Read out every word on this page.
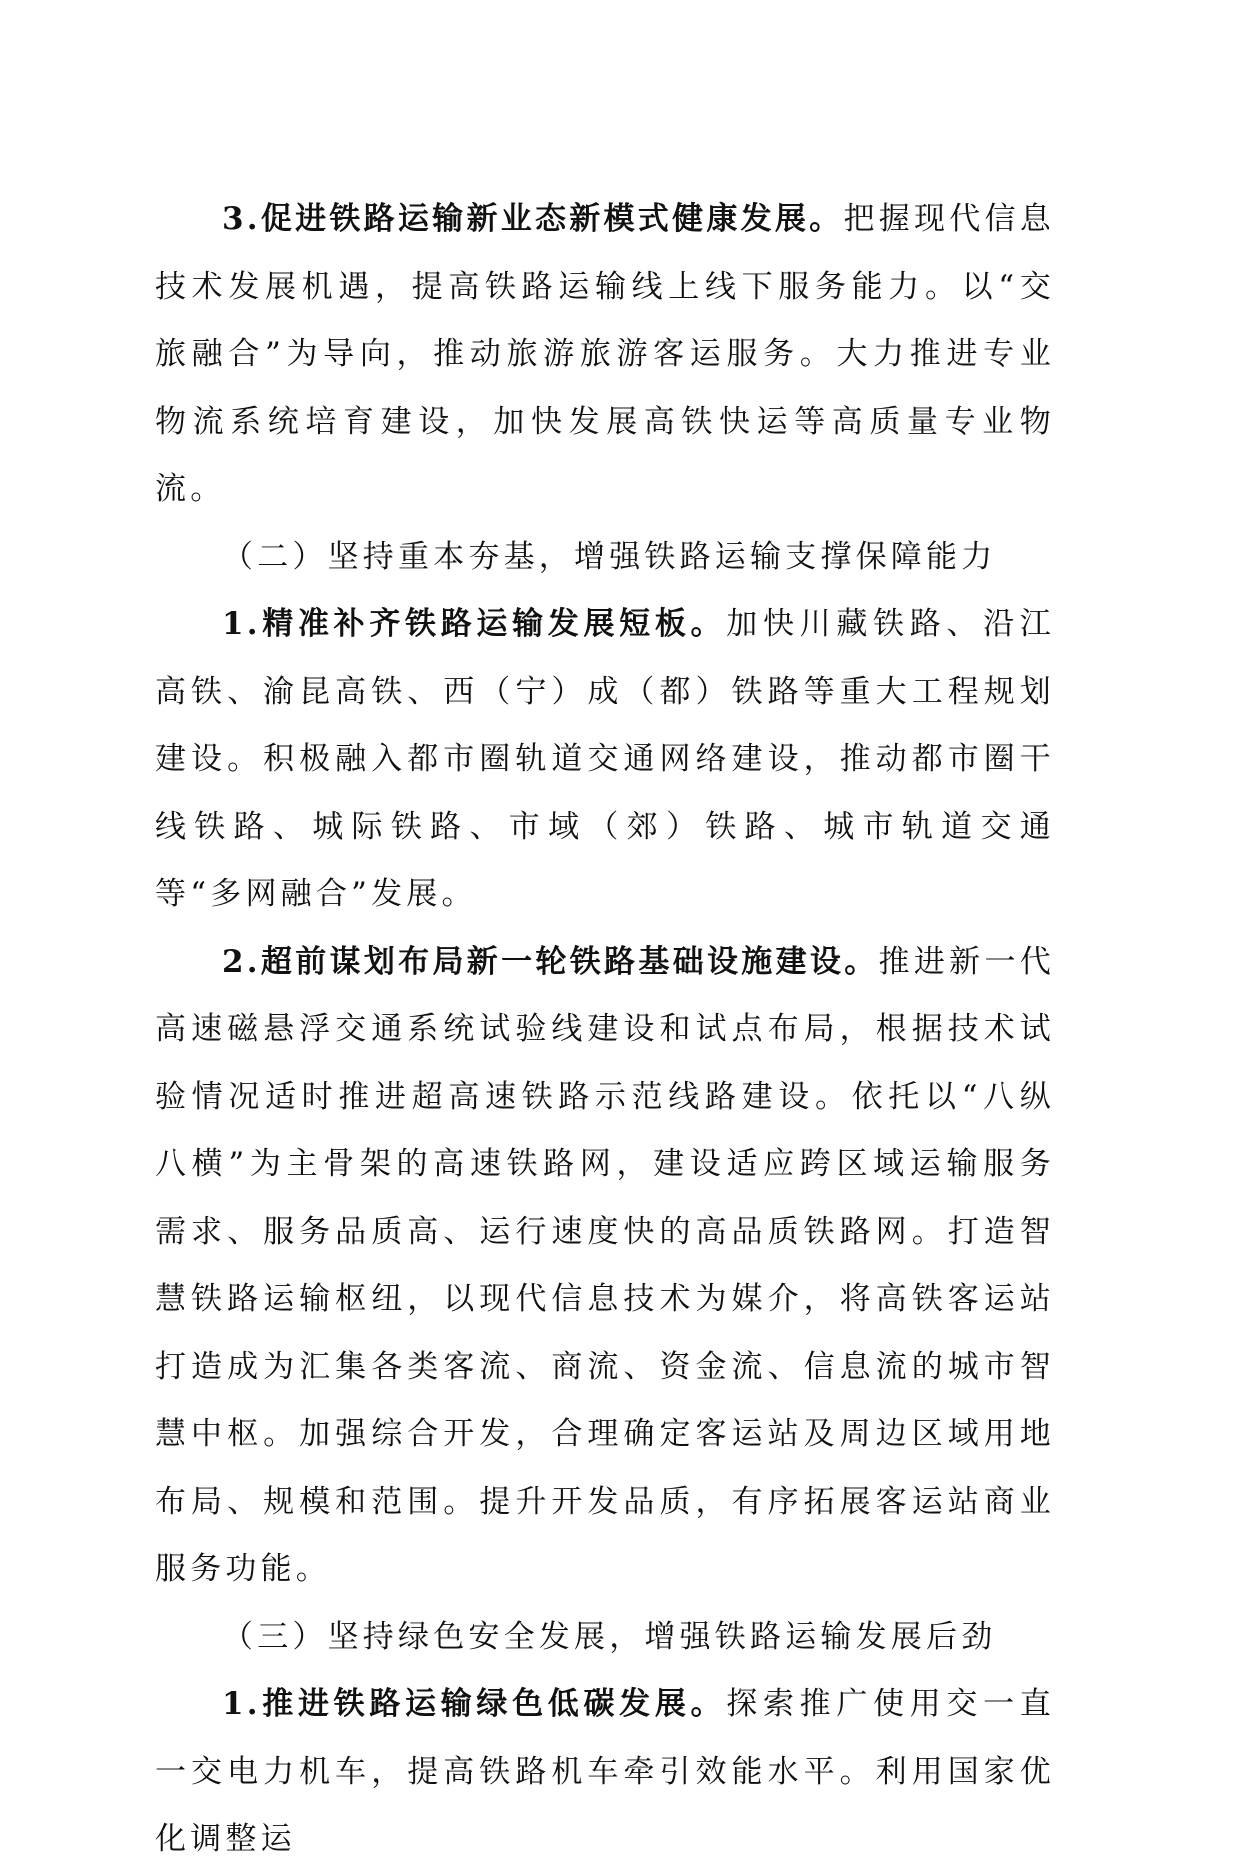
3.促进铁路运输新业态新模式健康发展。把握现代信息技术发展机遇，提高铁路运输线上线下服务能力。以“交旅融合”为导向，推动旅游旅游客运服务。大力推进专业物流系统培育建设，加快发展高铁快运等高质量专业物流。

（二）坚持重本夯基，增强铁路运输支撑保障能力

1.精准补齐铁路运输发展短板。加快川藏铁路、沿江高铁、渝昆高铁、西（宁）成（都）铁路等重大工程规划建设。积极融入都市圈轨道交通网络建设，推动都市圈干线铁路、城际铁路、市域（郊）铁路、城市轨道交通等“多网融合”发展。

2.超前谋划布局新一轮铁路基础设施建设。推进新一代高速磁悬浮交通系统试验线建设和试点布局，根据技术试验情况适时推进超高速铁路示范线路建设。依托以“八纵八横”为主骨架的高速铁路网，建设适应跨区域运输服务需求、服务品质高、运行速度快的高品质铁路网。打造智慧铁路运输枢纽，以现代信息技术为媒介，将高铁客运站打造成为汇集各类客流、商流、资金流、信息流的城市智慧中枢。加强综合开发，合理确定客运站及周边区域用地布局、规模和范围。提升开发品质，有序拓展客运站商业服务功能。

（三）坚持绿色安全发展，增强铁路运输发展后劲

1.推进铁路运输绿色低碳发展。探索推广使用交一直一交电力机车，提高铁路机车牵引效能水平。利用国家优化调整运
